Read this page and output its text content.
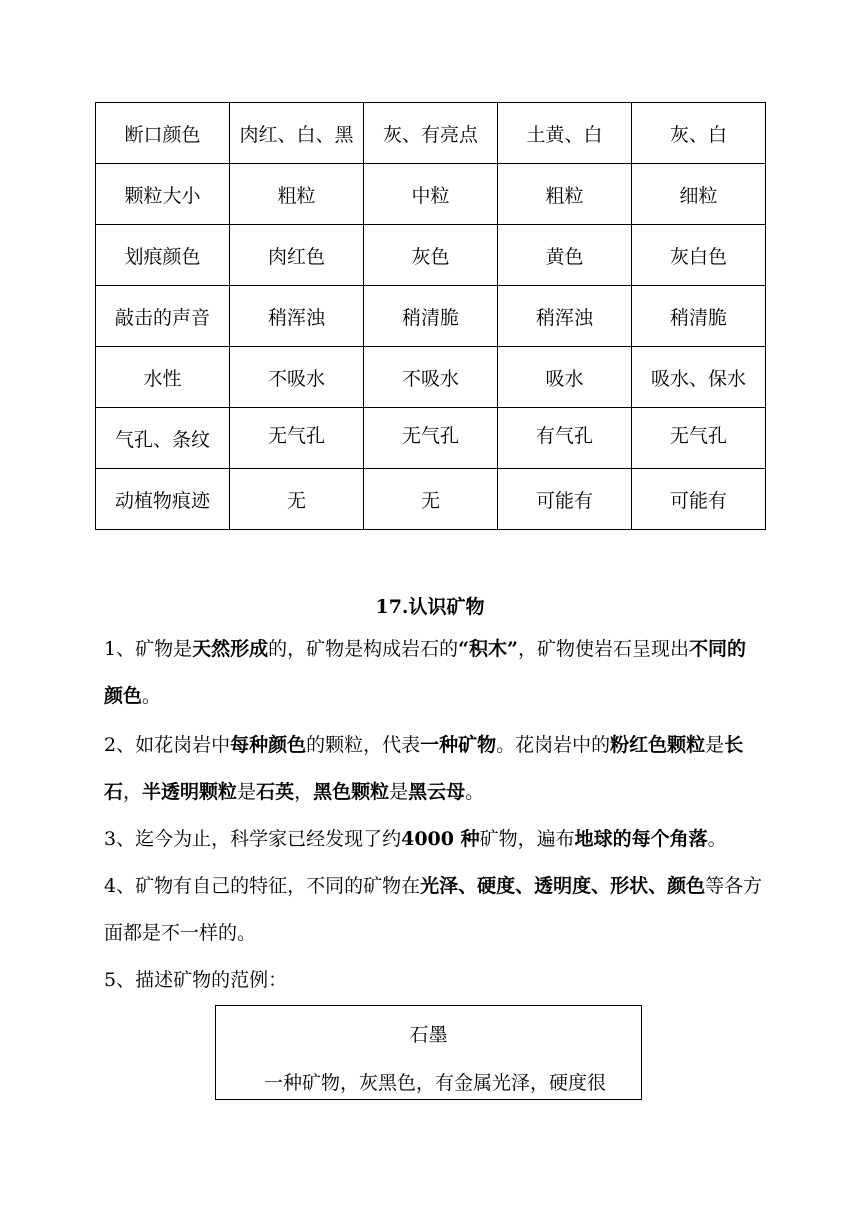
断口颜色	肉红、白、黑	灰、有亮点	土黄、白	灰、白
颗粒大小	粗粒	中粒	粗粒	细粒
划痕颜色	肉红色	灰色	黄色	灰白色
敲击的声音	稍浑浊	稍清脆	稍浑浊	稍清脆
水性	不吸水	不吸水	吸水	吸水、保水
气孔、条纹	无气孔	无气孔	有气孔	无气孔
动植物痕迹	无	无	可能有	可能有
17.认识矿物

1、矿物是天然形成的，矿物是构成岩石的“积木”，矿物使岩石呈现出不同的颜色。

2、如花岗岩中每种颜色的颗粒，代表一种矿物。花岗岩中的粉红色颗粒是长石，半透明颗粒是石英，黑色颗粒是黑云母。

3、迄今为止，科学家已经发现了约4000 种矿物，遍布地球的每个角落。

4、矿物有自己的特征，不同的矿物在光泽、硬度、透明度、形状、颜色等各方面都是不一样的。

5、描述矿物的范例：

石墨
一种矿物，灰黑色，有金属光泽，硬度很
